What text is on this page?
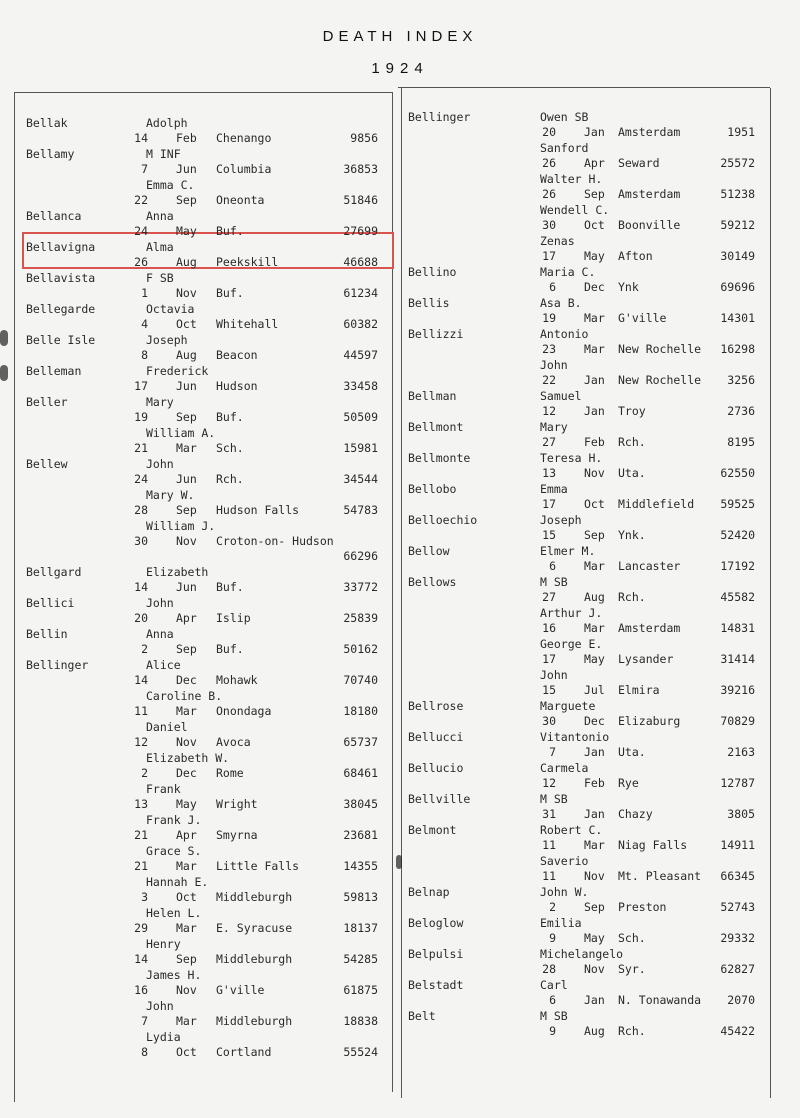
DEATH INDEX
1924
Bellak	Adolph
14 Feb Chenango	9856
Bellamy	M INF
7 Jun Columbia	36853
Emma C.
22 Sep Oneonta	51846
Bellanca	Anna
24 May Buf.	27699
Bellavigna	Alma
26 Aug Peekskill	46688
Bellavista	F SB
1 Nov Buf.	61234
Bellegarde	Octavia
4 Oct Whitehall	60382
Belle Isle	Joseph
8 Aug Beacon	44597
Belleman	Frederick
17 Jun Hudson	33458
Beller	Mary
19 Sep Buf.	50509
William A.
21 Mar Sch.	15981
Bellew	John
24 Jun Rch.	34544
Mary W.
28 Sep Hudson Falls	54783
William J.
30 Nov Croton-on- Hudson
66296
Bellgard	Elizabeth
14 Jun Buf.	33772
Bellici	John
20 Apr Islip	25839
Bellin	Anna
2 Sep Buf.	50162
Bellinger	Alice
14 Dec Mohawk	70740
Caroline B.
11 Mar Onondaga	18180
Daniel
12 Nov Avoca	65737
Elizabeth W.
2 Dec Rome	68461
Frank
13 May Wright	38045
Frank J.
21 Apr Smyrna	23681
Grace S.
21 Mar Little Falls	14355
Hannah E.
3 Oct Middleburgh	59813
Helen L.
29 Mar E. Syracuse	18137
Henry
14 Sep Middleburgh	54285
James H.
16 Nov G'ville	61875
John
7 Mar Middleburgh	18838
Lydia
8 Oct Cortland	55524
Bellinger	Owen SB
20 Jan Amsterdam	1951
Sanford
26 Apr Seward	25572
Walter H.
26 Sep Amsterdam	51238
Wendell C.
30 Oct Boonville	59212
Zenas
17 May Afton	30149
Bellino	Maria C.
6 Dec Ynk	69696
Bellis	Asa B.
19 Mar G'ville	14301
Bellizzi	Antonio
23 Mar New Rochelle	16298
John
22 Jan New Rochelle	3256
Bellman	Samuel
12 Jan Troy	2736
Bellmont	Mary
27 Feb Rch.	8195
Bellmonte	Teresa H.
13 Nov Uta.	62550
Bellobo	Emma
17 Oct Middlefield	59525
Belloechio	Joseph
15 Sep Ynk.	52420
Bellow	Elmer M.
6 Mar Lancaster	17192
Bellows	M SB
27 Aug Rch.	45582
Arthur J.
16 Mar Amsterdam	14831
George E.
17 May Lysander	31414
John
15 Jul Elmira	39216
Bellrose	Marguete
30 Dec Elizaburg	70829
Bellucci	Vitantonio
7 Jan Uta.	2163
Bellucio	Carmela
12 Feb Rye	12787
Bellville	M SB
31 Jan Chazy	3805
Belmont	Robert C.
11 Mar Niag Falls	14911
Saverio
11 Nov Mt. Pleasant	66345
Belnap	John W.
2 Sep Preston	52743
Beloglow	Emilia
9 May Sch.	29332
Belpulsi	Michelangelo
28 Nov Syr.	62827
Belstadt	Carl
6 Jan N. Tonawanda	2070
Belt	M SB
9 Aug Rch.	45422
